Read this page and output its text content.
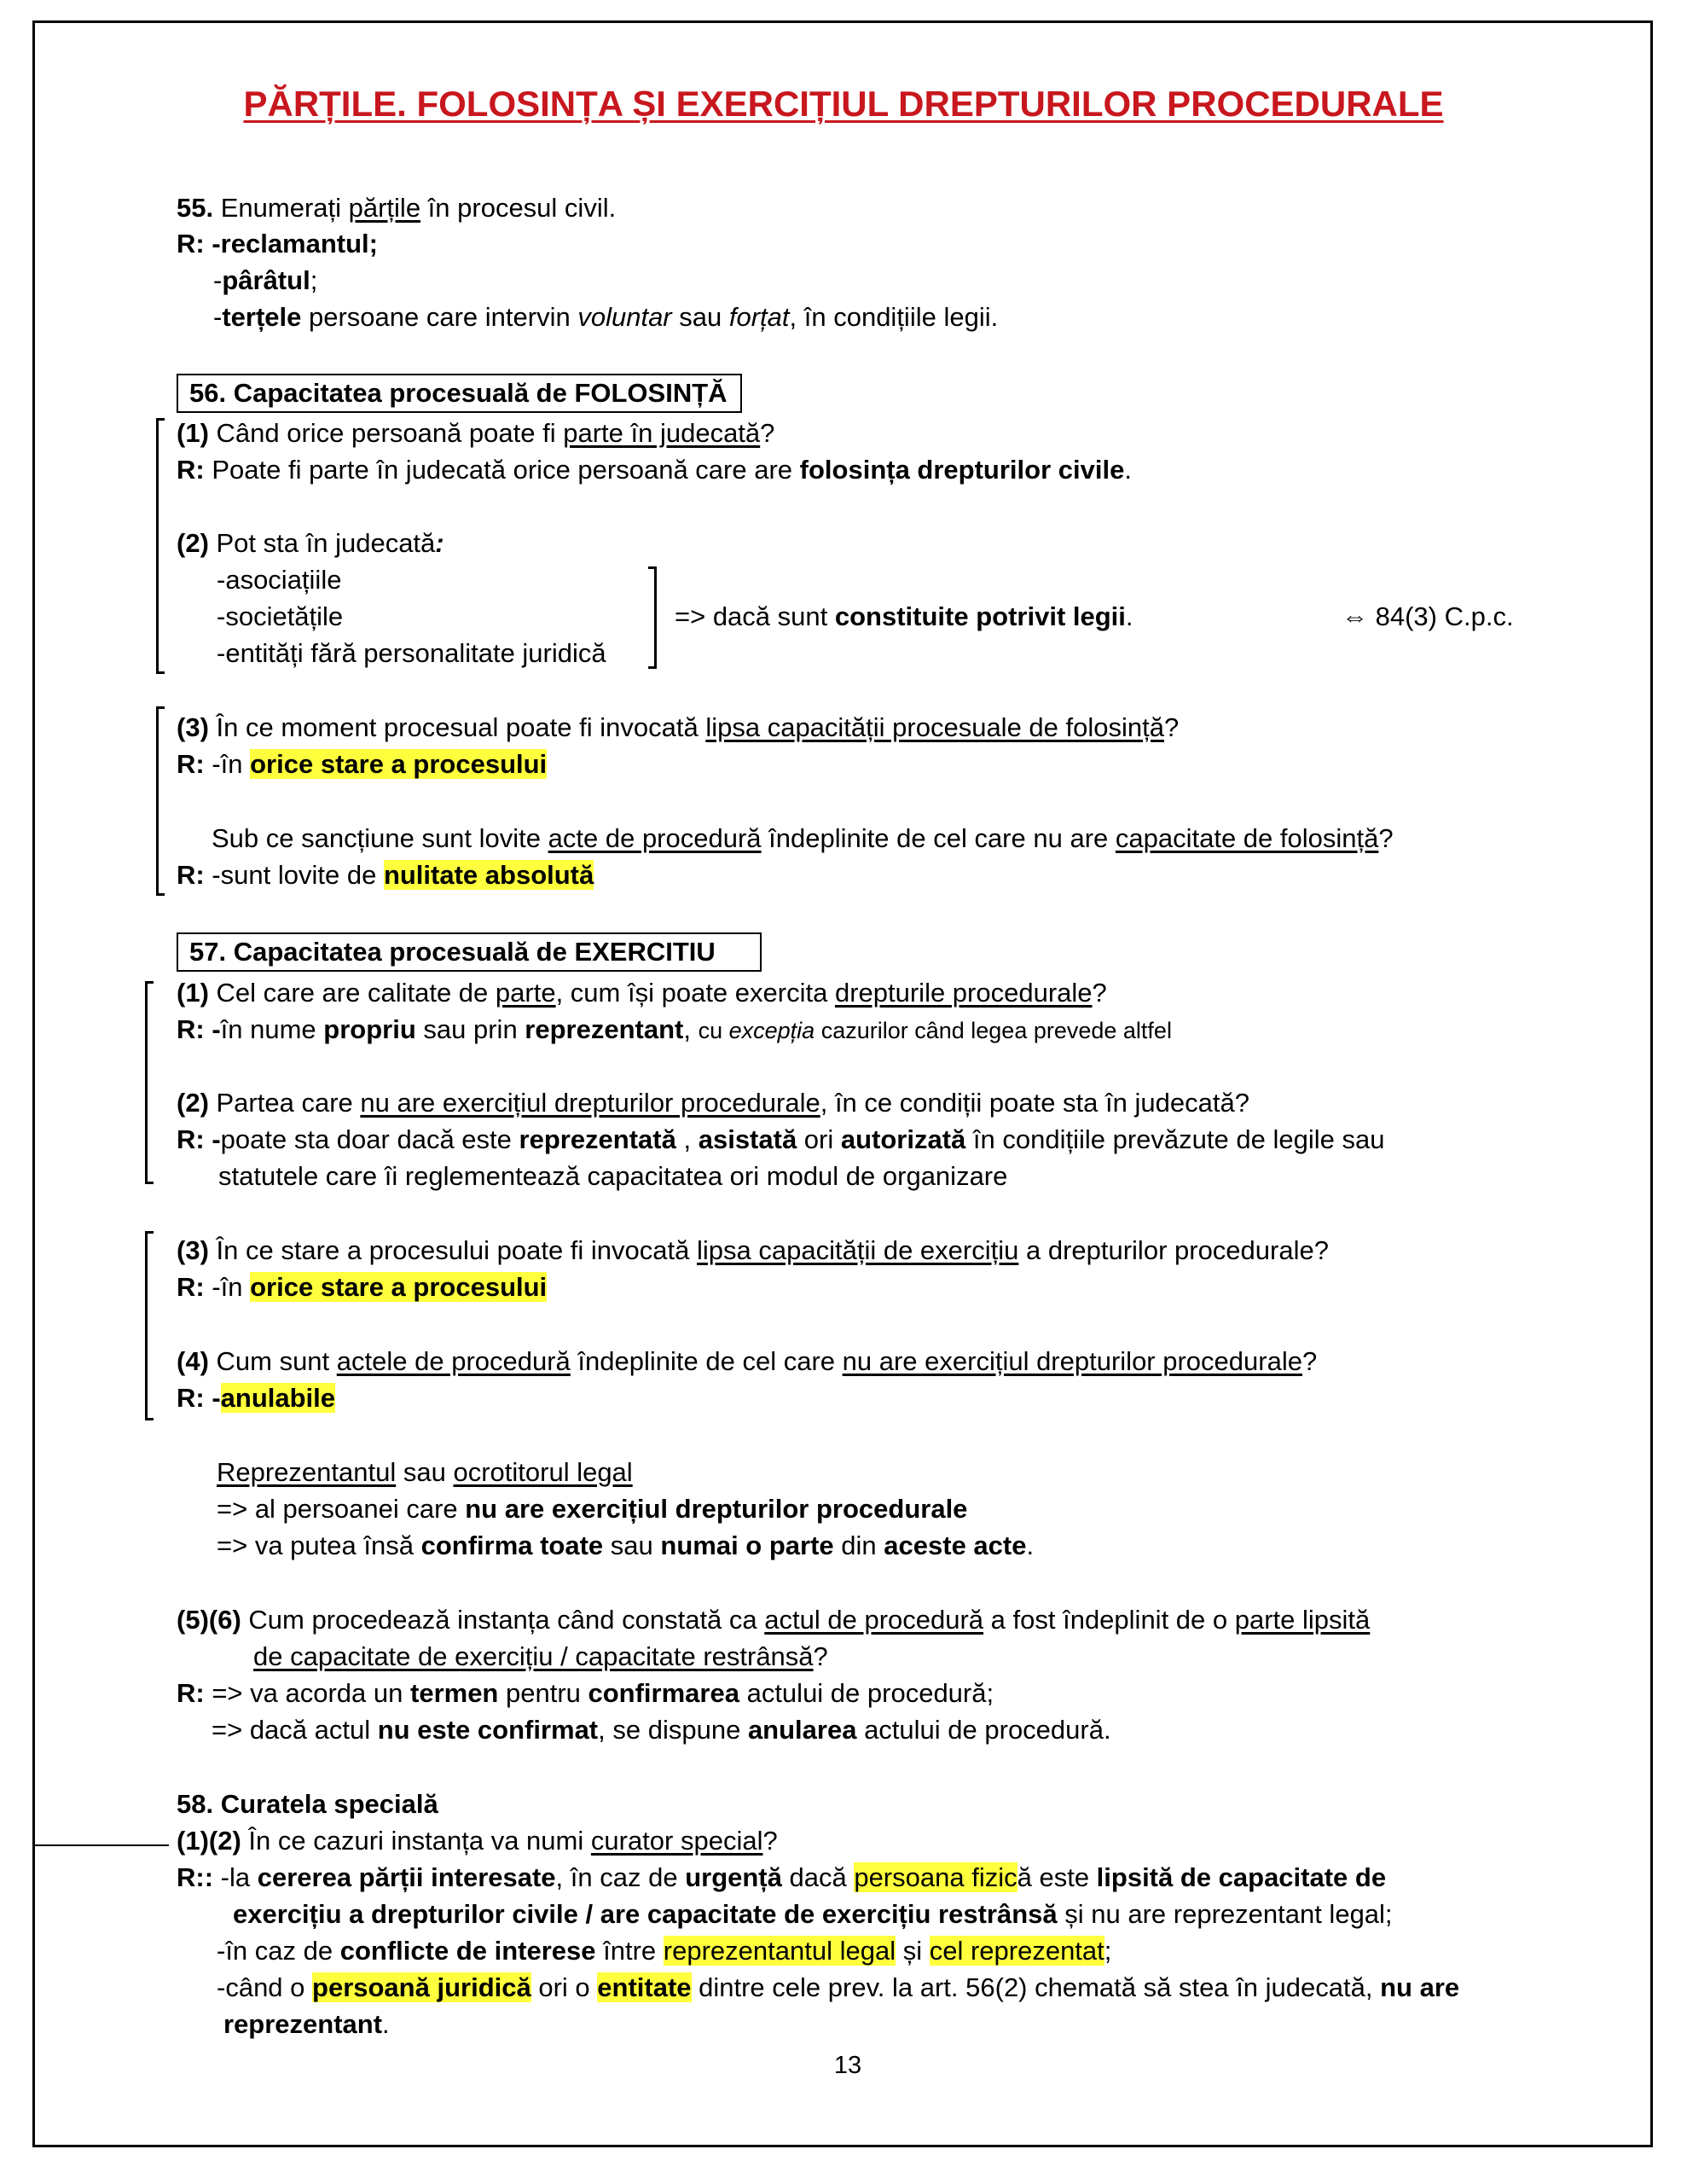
PĂRȚILE. FOLOSINȚA ȘI EXERCIȚIUL DREPTURILOR PROCEDURALE
55. Enumerați părțile în procesul civil.
R: -reclamantul;
-pârâtul;
-terțele persoane care intervin voluntar sau forțat, în condițiile legii.
56. Capacitatea procesuală de FOLOSINȚĂ
(1) Când orice persoană poate fi parte în judecată?
R: Poate fi parte în judecată orice persoană care are folosința drepturilor civile.
(2) Pot sta în judecată:
-asociațiile
-societățile
-entități fără personalitate juridică
=> dacă sunt constituite potrivit legii.	⇔ 84(3) C.p.c.
(3) În ce moment procesual poate fi invocată lipsa capacității procesuale de folosință?
R: -în orice stare a procesului
Sub ce sancțiune sunt lovite acte de procedură îndeplinite de cel care nu are capacitate de folosință?
R: -sunt lovite de nulitate absolută
57. Capacitatea procesuală de EXERCITIU
(1) Cel care are calitate de parte, cum își poate exercita drepturile procedurale?
R: -în nume propriu sau prin reprezentant, cu excepția cazurilor când legea prevede altfel
(2) Partea care nu are exercițiul drepturilor procedurale, în ce condiții poate sta în judecată?
R: -poate sta doar dacă este reprezentată , asistată ori autorizată în condițiile prevăzute de legile sau
statutele care îi reglementează capacitatea ori modul de organizare
(3) În ce stare a procesului poate fi invocată lipsa capacității de exercițiu a drepturilor procedurale?
R: -în orice stare a procesului
(4) Cum sunt actele de procedură îndeplinite de cel care nu are exercițiul drepturilor procedurale?
R: -anulabile
Reprezentantul sau ocrotitorul legal
=> al persoanei care nu are exercițiul drepturilor procedurale
=> va putea însă confirma toate sau numai o parte din aceste acte.
(5)(6) Cum procedează instanța când constată ca actul de procedură a fost îndeplinit de o parte lipsită
de capacitate de exercițiu / capacitate restrânsă?
R: => va acorda un termen pentru confirmarea actului de procedură;
=> dacă actul nu este confirmat, se dispune anularea actului de procedură.
58. Curatela specială
(1)(2) În ce cazuri instanța va numi curator special?
R:: -la cererea părții interesate, în caz de urgență dacă persoana fizică este lipsită de capacitate de
exercițiu a drepturilor civile / are capacitate de exercițiu restrânsă și nu are reprezentant legal;
-în caz de conflicte de interese între reprezentantul legal și cel reprezentat;
-când o persoană juridică ori o entitate dintre cele prev. la art. 56(2) chemată să stea în judecată, nu are
reprezentant.
13
